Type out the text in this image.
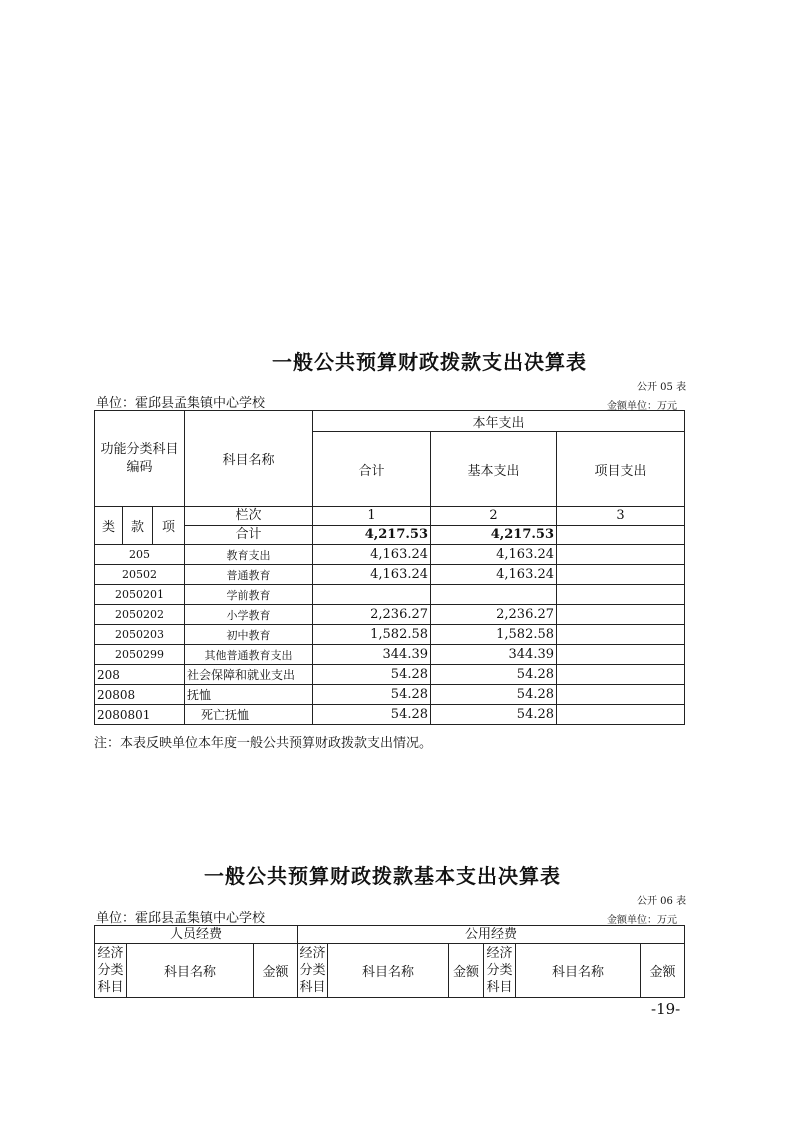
一般公共预算财政拨款支出决算表
公开 05 表
单位：霍邱县孟集镇中心学校	金额单位：万元
功能分类科目编码			科目名称	本年支出		
				合计	基本支出	项目支出

类	款	项	栏次	1	2	3
			合计	4,217.53	4,217.53	
205			教育支出	4,163.24	4,163.24	
20502			普通教育	4,163.24	4,163.24	
2050201			学前教育			
2050202			小学教育	2,236.27	2,236.27	
2050203			初中教育	1,582.58	1,582.58	
2050299			其他普通教育支出	344.39	344.39	
208			社会保障和就业支出	54.28	54.28	
20808			抚恤	54.28	54.28	
2080801			死亡抚恤	54.28	54.28	
注：本表反映单位本年度一般公共预算财政拨款支出情况。
一般公共预算财政拨款基本支出决算表
公开 06 表
单位：霍邱县孟集镇中心学校	金额单位：万元
人员经费			公用经费					

经济分类科目	科目名称	金额	经济分类科目	科目名称	金额	经济分类科目	科目名称	金额
-19-
